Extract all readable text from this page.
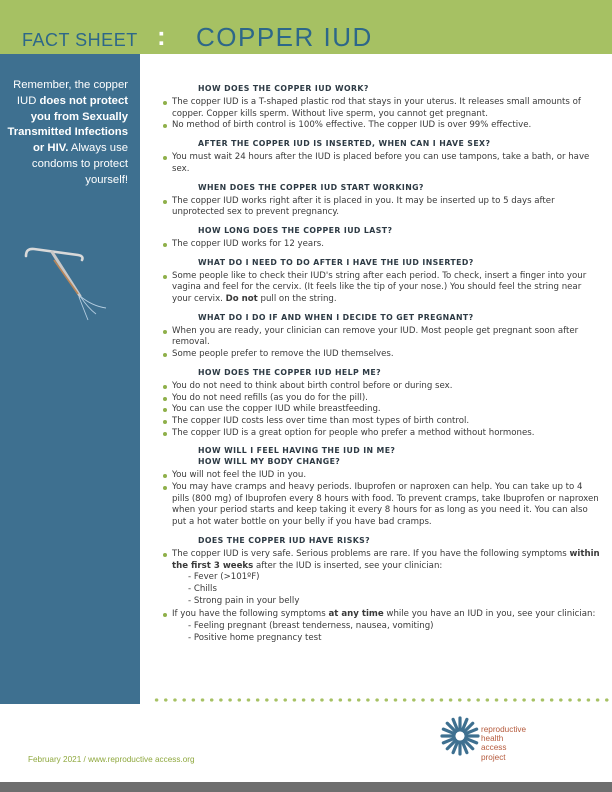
FACT SHEET : COPPER IUD

Remember, the copper IUD does not protect you from Sexually Transmitted Infections or HIV. Always use condoms to protect yourself!

HOW DOES THE COPPER IUD WORK?
The copper IUD is a T-shaped plastic rod that stays in your uterus. It releases small amounts of copper. Copper kills sperm. Without live sperm, you cannot get pregnant.
No method of birth control is 100% effective. The copper IUD is over 99% effective.
AFTER THE COPPER IUD IS INSERTED, WHEN CAN I HAVE SEX?
You must wait 24 hours after the IUD is placed before you can use tampons, take a bath, or have sex.
WHEN DOES THE COPPER IUD START WORKING?
The copper IUD works right after it is placed in you. It may be inserted up to 5 days after unprotected sex to prevent pregnancy.
HOW LONG DOES THE COPPER IUD LAST?
The copper IUD works for 12 years.
WHAT DO I NEED TO DO AFTER I HAVE THE IUD INSERTED?
Some people like to check their IUD's string after each period. To check, insert a finger into your vagina and feel for the cervix. (It feels like the tip of your nose.) You should feel the string near your cervix. Do not pull on the string.
WHAT DO I DO IF AND WHEN I DECIDE TO GET PREGNANT?
When you are ready, your clinician can remove your IUD. Most people get pregnant soon after removal.
Some people prefer to remove the IUD themselves.
HOW DOES THE COPPER IUD HELP ME?
You do not need to think about birth control before or during sex.
You do not need refills (as you do for the pill).
You can use the copper IUD while breastfeeding.
The copper IUD costs less over time than most types of birth control.
The copper IUD is a great option for people who prefer a method without hormones.
HOW WILL I FEEL HAVING THE IUD IN ME?
HOW WILL MY BODY CHANGE?
You will not feel the IUD in you.
You may have cramps and heavy periods. Ibuprofen or naproxen can help. You can take up to 4 pills (800 mg) of Ibuprofen every 8 hours with food. To prevent cramps, take Ibuprofen or naproxen when your period starts and keep taking it every 8 hours for as long as you need it. You can also put a hot water bottle on your belly if you have bad cramps.
DOES THE COPPER IUD HAVE RISKS?
The copper IUD is very safe. Serious problems are rare. If you have the following symptoms within the first 3 weeks after the IUD is inserted, see your clinician:
- Fever (>101ºF)
- Chills
- Strong pain in your belly
If you have the following symptoms at any time while you have an IUD in you, see your clinician:
- Feeling pregnant (breast tenderness, nausea, vomiting)
- Positive home pregnancy test
February 2021 / www.reproductive access.org
reproductive
health
access
project
